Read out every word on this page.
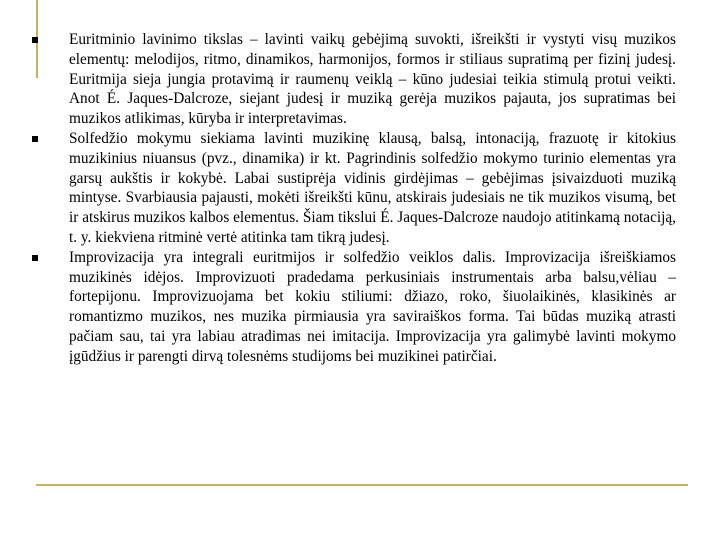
Euritminio lavinimo tikslas – lavinti vaikų gebėjimą suvokti, išreikšti ir vystyti visų muzikos elementų: melodijos, ritmo, dinamikos, harmonijos, formos ir stiliaus supratimą per fizinį judesį. Euritmija sieja jungia protavimą ir raumenų veiklą – kūno judesiai teikia stimulą protui veikti. Anot É. Jaques-Dalcroze, siejant judesį ir muziką gerėja muzikos pajauta, jos supratimas bei muzikos atlikimas, kūryba ir interpretavimas.

Solfedžio mokymu siekiama lavinti muzikinę klausą, balsą, intonaciją, frazuotę ir kitokius muzikinius niuansus (pvz., dinamika) ir kt. Pagrindinis solfedžio mokymo turinio elementas yra garsų aukštis ir kokybė. Labai sustiprėja vidinis girdėjimas – gebėjimas įsivaizduoti muziką mintyse. Svarbiausia pajausti, mokėti išreikšti kūnu, atskirais judesiais ne tik muzikos visumą, bet ir atskirus muzikos kalbos elementus. Šiam tikslui É. Jaques-Dalcroze naudojo atitinkamą notaciją, t. y. kiekviena ritminė vertė atitinka tam tikrą judesį.

Improvizacija yra integrali euritmijos ir solfedžio veiklos dalis. Improvizacija išreiškiamos muzikinės idėjos. Improvizuoti pradedama perkusiniais instrumentais arba balsu,vėliau – fortepijonu. Improvizuojama bet kokiu stiliumi: džiazo, roko, šiuolaikinės, klasikinės ar romantizmo muzikos, nes muzika pirmiausia yra saviraiškos forma. Tai būdas muziką atrasti pačiam sau, tai yra labiau atradimas nei imitacija. Improvizacija yra galimybė lavinti mokymo įgūdžius ir parengti dirvą tolesnėms studijoms bei muzikinei patirčiai.
